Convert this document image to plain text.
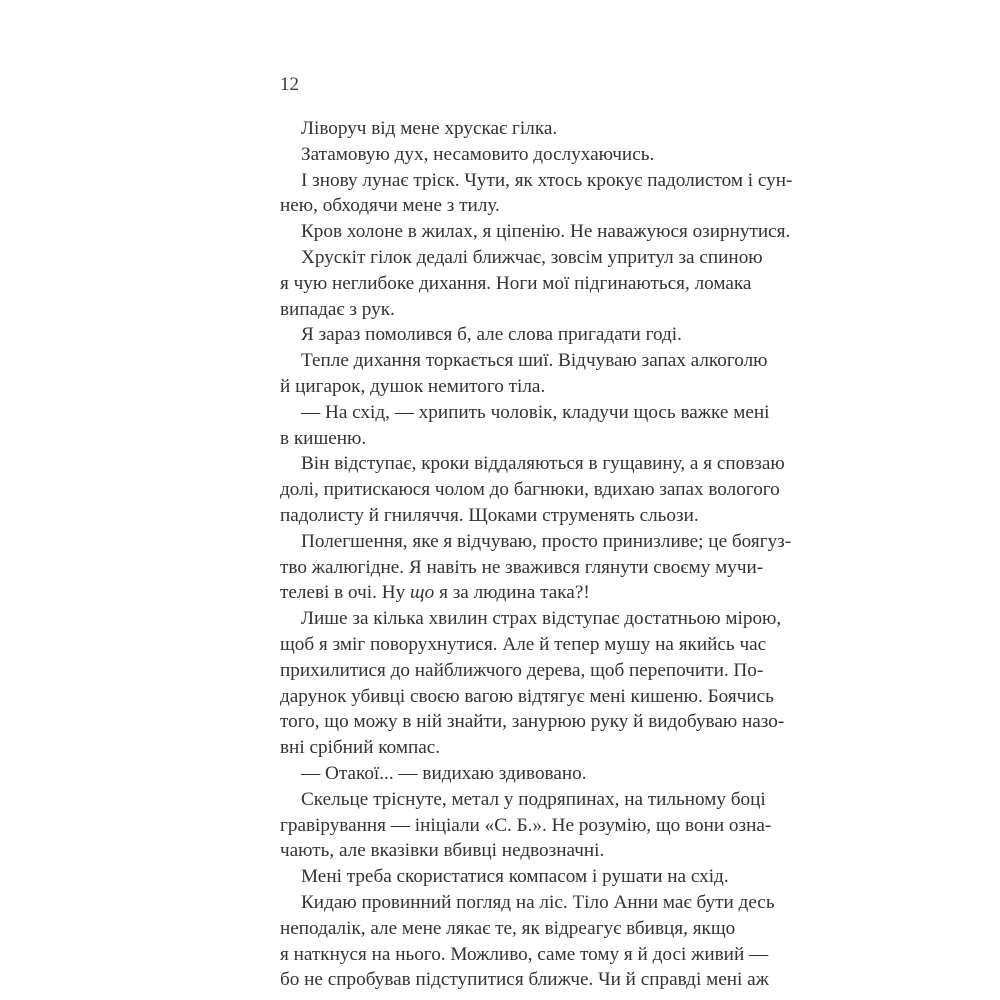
12
Ліворуч від мене хрускає гілка.
Затамовую дух, несамовито дослухаючись.
І знову лунає тріск. Чути, як хтось крокує падолистом і сун-
нею, обходячи мене з тилу.
Кров холоне в жилах, я ціпенію. Не наважуюся озирнутися.
Хрускіт гілок дедалі ближчає, зовсім упритул за спиною
я чую неглибоке дихання. Ноги мої підгинаються, ломака
випадає з рук.
Я зараз помолився б, але слова пригадати годі.
Тепле дихання торкається шиї. Відчуваю запах алкоголю
й цигарок, душок немитого тіла.
— На схід, — хрипить чоловік, кладучи щось важке мені
в кишеню.
Він відступає, кроки віддаляються в гущавину, а я сповзаю
долі, притискаюся чолом до багнюки, вдихаю запах вологого
падолисту й гниляччя. Щоками струменять сльози.
Полегшення, яке я відчуваю, просто принизливе; це боягуз-
тво жалюгідне. Я навіть не зважився глянути своєму мучи-
телеві в очі. Ну що я за людина така?!
Лише за кілька хвилин страх відступає достатньою мірою,
щоб я зміг поворухнутися. Але й тепер мушу на якийсь час
прихилитися до найближчого дерева, щоб перепочити. По-
дарунок убивці своєю вагою відтягує мені кишеню. Боячись
того, що можу в ній знайти, занурюю руку й видобуваю назо-
вні срібний компас.
— Отакої... — видихаю здивовано.
Скельце тріснуте, метал у подряпинах, на тильному боці
гравірування — ініціали «С. Б.». Не розумію, що вони озна-
чають, але вказівки вбивці недвозначні.
Мені треба скористатися компасом і рушати на схід.
Кидаю провинний погляд на ліс. Тіло Анни має бути десь
неподалік, але мене лякає те, як відреагує вбивця, якщо
я наткнуся на нього. Можливо, саме тому я й досі живий —
бо не спробував підступитися ближче. Чи й справді мені аж
